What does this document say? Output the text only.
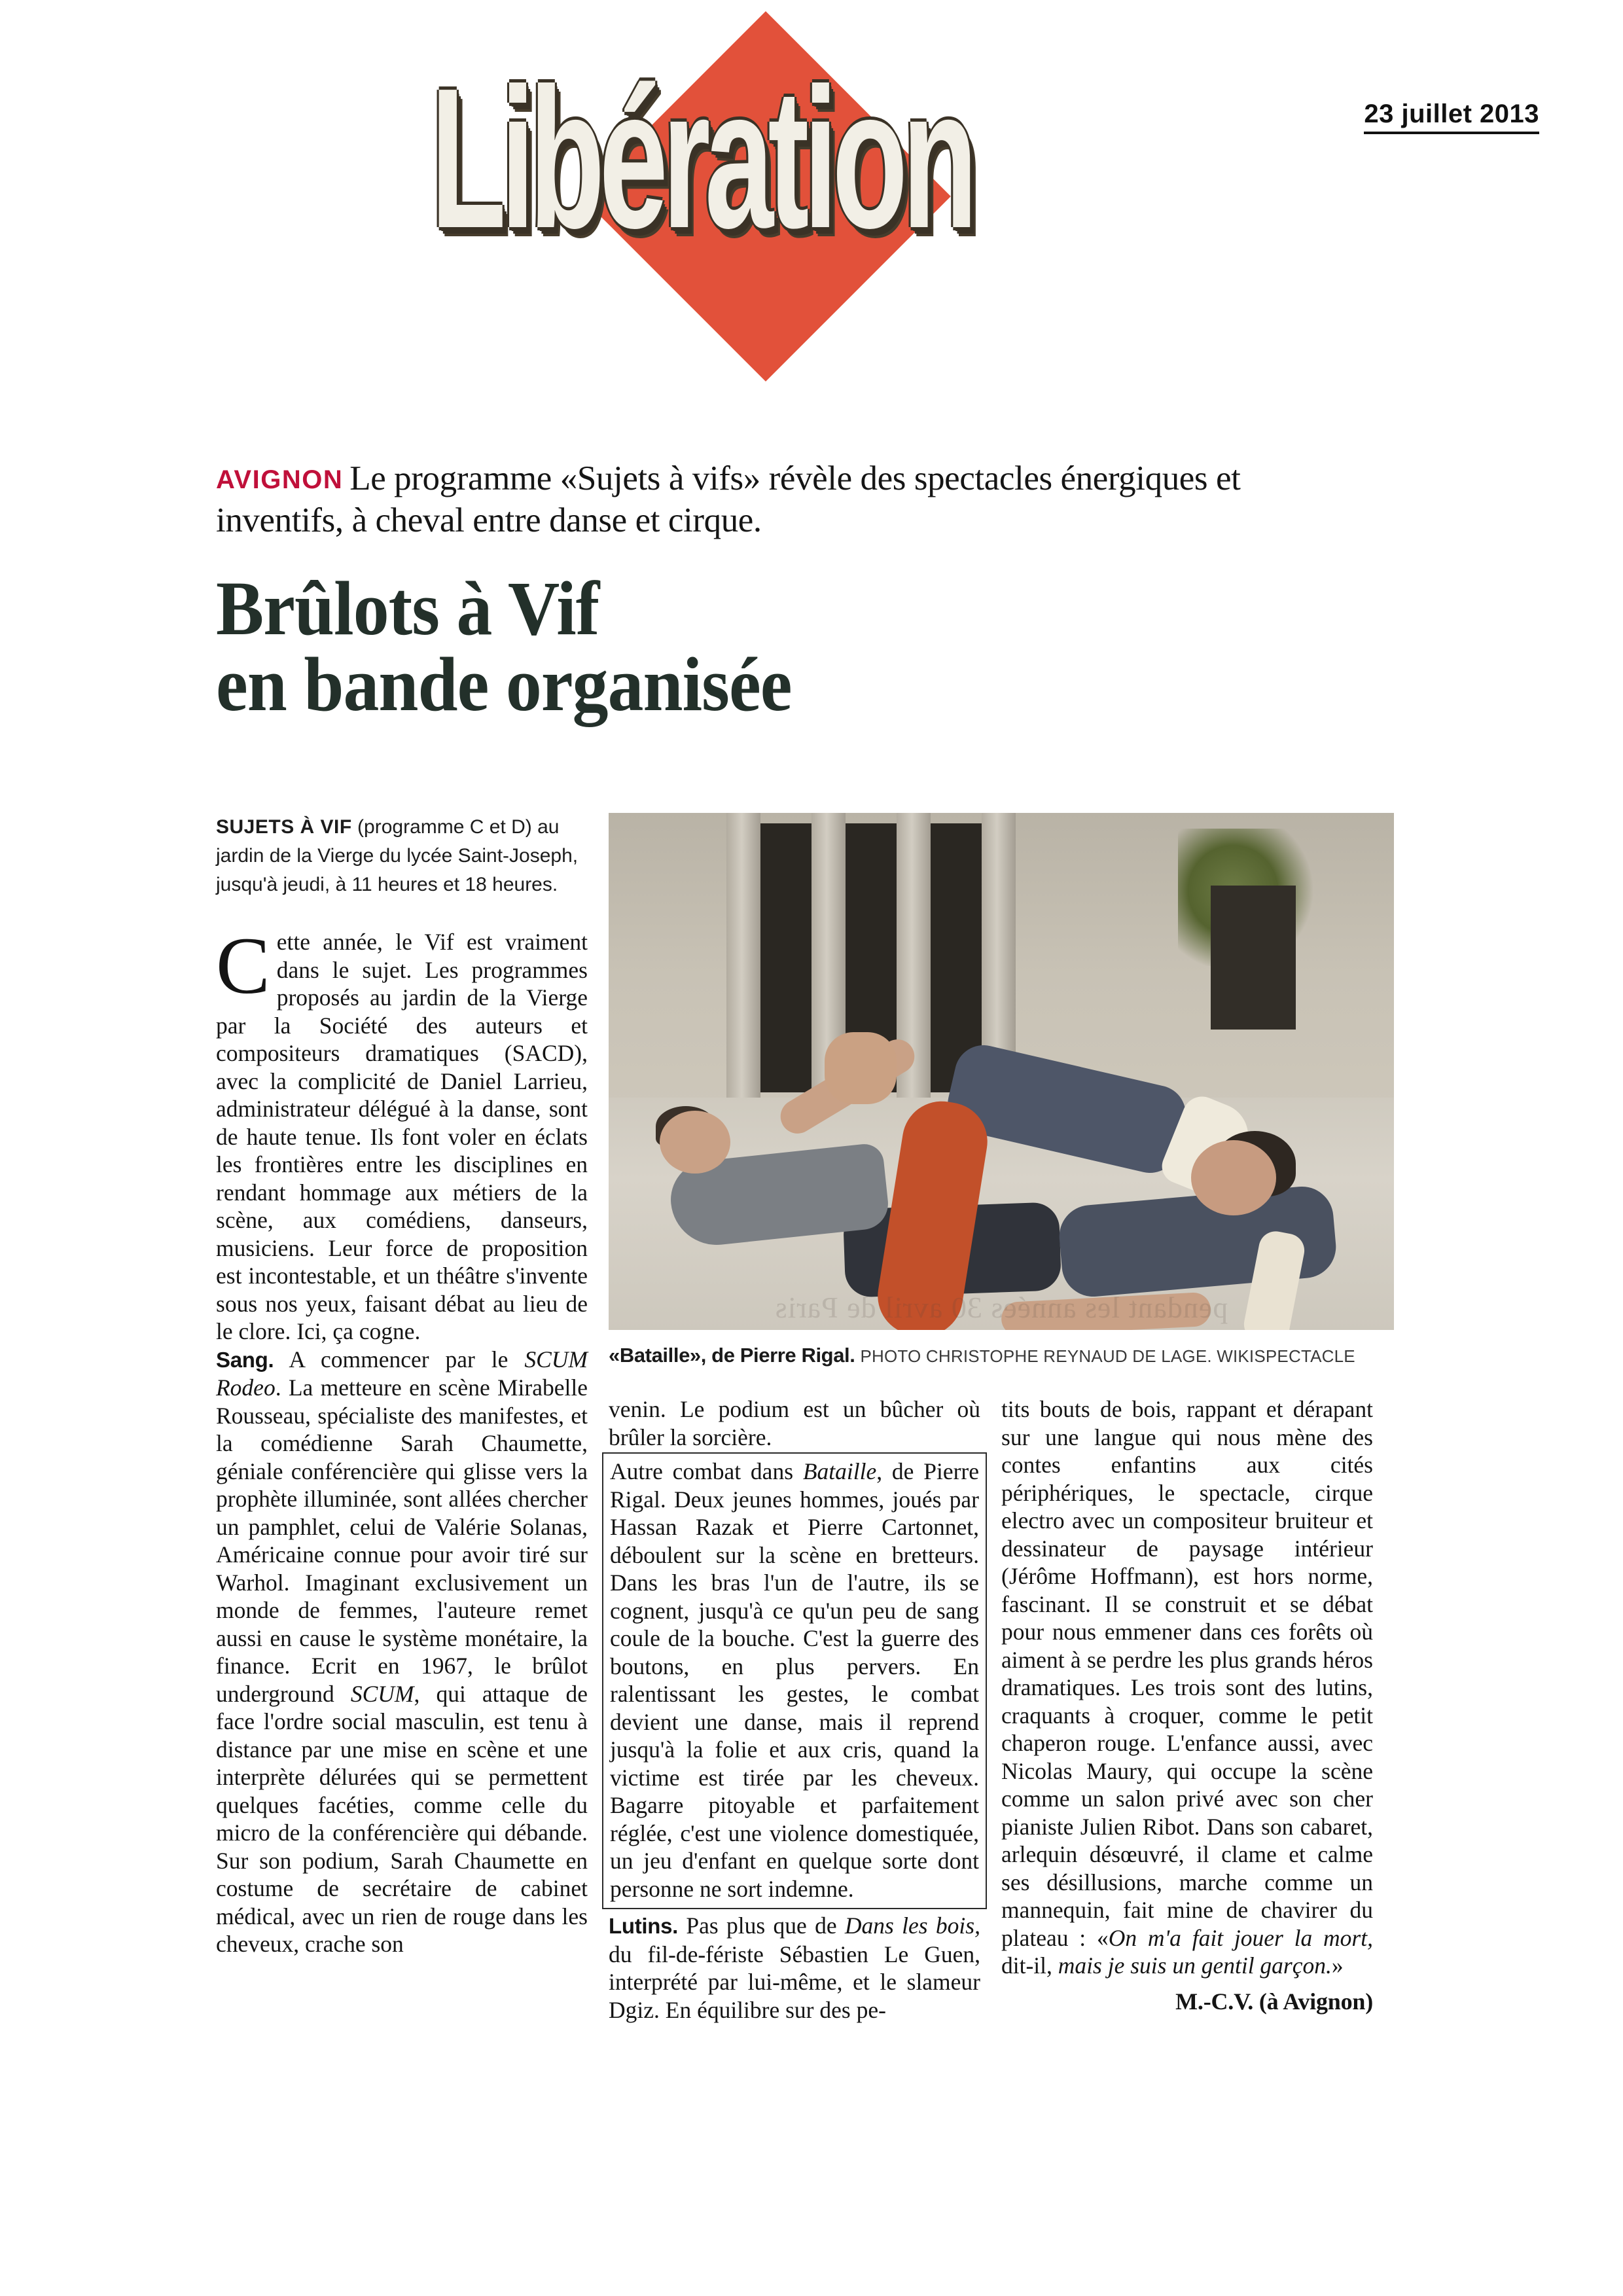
Libération	23 juillet 2013
AVIGNON Le programme «Sujets à vifs» révèle des spectacles énergiques et inventifs, à cheval entre danse et cirque.
Brûlots à Vif
en bande organisée
«Bataille», de Pierre Rigal. PHOTO CHRISTOPHE REYNAUD DE LAGE. WIKISPECTACLE
SUJETS À VIF (programme C et D) au jardin de la Vierge du lycée Saint-Joseph, jusqu'à jeudi, à 11 heures et 18 heures.

Cette année, le Vif est vraiment dans le sujet. Les programmes proposés au jardin de la Vierge par la Société des auteurs et compositeurs dramatiques (SACD), avec la complicité de Daniel Larrieu, administrateur délégué à la danse, sont de haute tenue. Ils font voler en éclats les frontières entre les disciplines en rendant hommage aux métiers de la scène, aux comédiens, danseurs, musiciens. Leur force de proposition est incontestable, et un théâtre s'invente sous nos yeux, faisant débat au lieu de le clore. Ici, ça cogne.

Sang. A commencer par le SCUM Rodeo. La metteure en scène Mirabelle Rousseau, spécialiste des manifestes, et la comédienne Sarah Chaumette, géniale conférencière qui glisse vers la prophète illuminée, sont allées chercher un pamphlet, celui de Valérie Solanas, Américaine connue pour avoir tiré sur Warhol. Imaginant exclusivement un monde de femmes, l'auteure remet aussi en cause le système monétaire, la finance. Ecrit en 1967, le brûlot underground SCUM, qui attaque de face l'ordre social masculin, est tenu à distance par une mise en scène et une interprète délurées qui se permettent quelques facéties, comme celle du micro de la conférencière qui débande. Sur son podium, Sarah Chaumette en costume de secrétaire de cabinet médical, avec un rien de rouge dans les cheveux, crache son

venin. Le podium est un bûcher où brûler la sorcière.

Autre combat dans Bataille, de Pierre Rigal. Deux jeunes hommes, joués par Hassan Razak et Pierre Cartonnet, déboulent sur la scène en bretteurs. Dans les bras l'un de l'autre, ils se cognent, jusqu'à ce qu'un peu de sang coule de la bouche. C'est la guerre des boutons, en plus pervers. En ralentissant les gestes, le combat devient une danse, mais il reprend jusqu'à la folie et aux cris, quand la victime est tirée par les cheveux. Bagarre pitoyable et parfaitement réglée, c'est une violence domestiquée, un jeu d'enfant en quelque sorte dont personne ne sort indemne.

Lutins. Pas plus que de Dans les bois, du fil-de-fériste Sébastien Le Guen, interprété par lui-même, et le slameur Dgiz. En équilibre sur des pe-

tits bouts de bois, rappant et dérapant sur une langue qui nous mène des contes enfantins aux cités périphériques, le spectacle, cirque electro avec un compositeur bruiteur et dessinateur de paysage intérieur (Jérôme Hoffmann), est hors norme, fascinant. Il se construit et se débat pour nous emmener dans ces forêts où aiment à se perdre les plus grands héros dramatiques. Les trois sont des lutins, craquants à croquer, comme le petit chaperon rouge. L'enfance aussi, avec Nicolas Maury, qui occupe la scène comme un salon privé avec son cher pianiste Julien Ribot. Dans son cabaret, arlequin désœuvré, il clame et calme ses désillusions, marche comme un mannequin, fait mine de chavirer du plateau : «On m'a fait jouer la mort, dit-il, mais je suis un gentil garçon.»

M.-C.V. (à Avignon)
